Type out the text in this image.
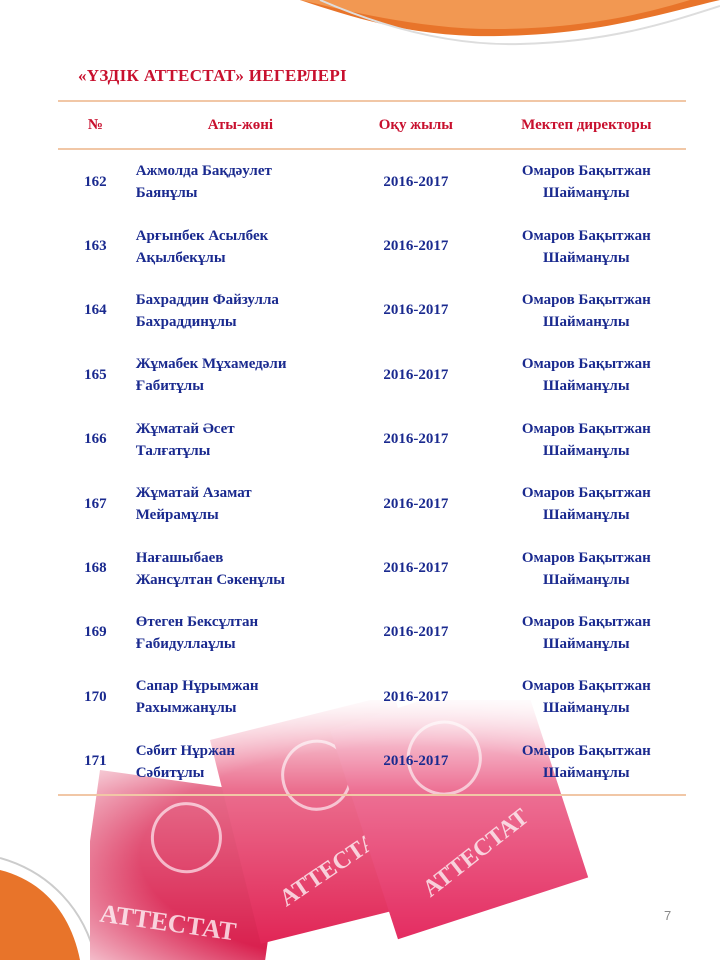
«ҮЗДІК АТТЕСТАТ» ИЕГЕРЛЕРІ
№	Аты-жөні	Оқу жылы	Мектеп директоры
162	Ажмолда Бақдәулет
Баянұлы	2016-2017	Омаров Бақытжан
Шайманұлы

163	Арғынбек Асылбек
Ақылбекұлы	2016-2017	Омаров Бақытжан
Шайманұлы

164	Бахраддин Файзулла
Бахраддинұлы	2016-2017	Омаров Бақытжан
Шайманұлы

165	Жұмабек Мұхамедәли
Ғабитұлы	2016-2017	Омаров Бақытжан
Шайманұлы

166	Жұматай Әсет
Талғатұлы	2016-2017	Омаров Бақытжан
Шайманұлы

167	Жұматай Азамат
Мейрамұлы	2016-2017	Омаров Бақытжан
Шайманұлы

168	Нағашыбаев
Жансұлтан Сәкенұлы	2016-2017	Омаров Бақытжан
Шайманұлы

169	Өтеген Бексұлтан
Ғабидуллаұлы	2016-2017	Омаров Бақытжан
Шайманұлы

170	Сапар Нұрымжан
Рахымжанұлы	2016-2017	Омаров Бақытжан
Шайманұлы

171	Сәбит Нұржан
Сәбитұлы	2016-2017	Омаров Бақытжан
Шайманұлы
7
